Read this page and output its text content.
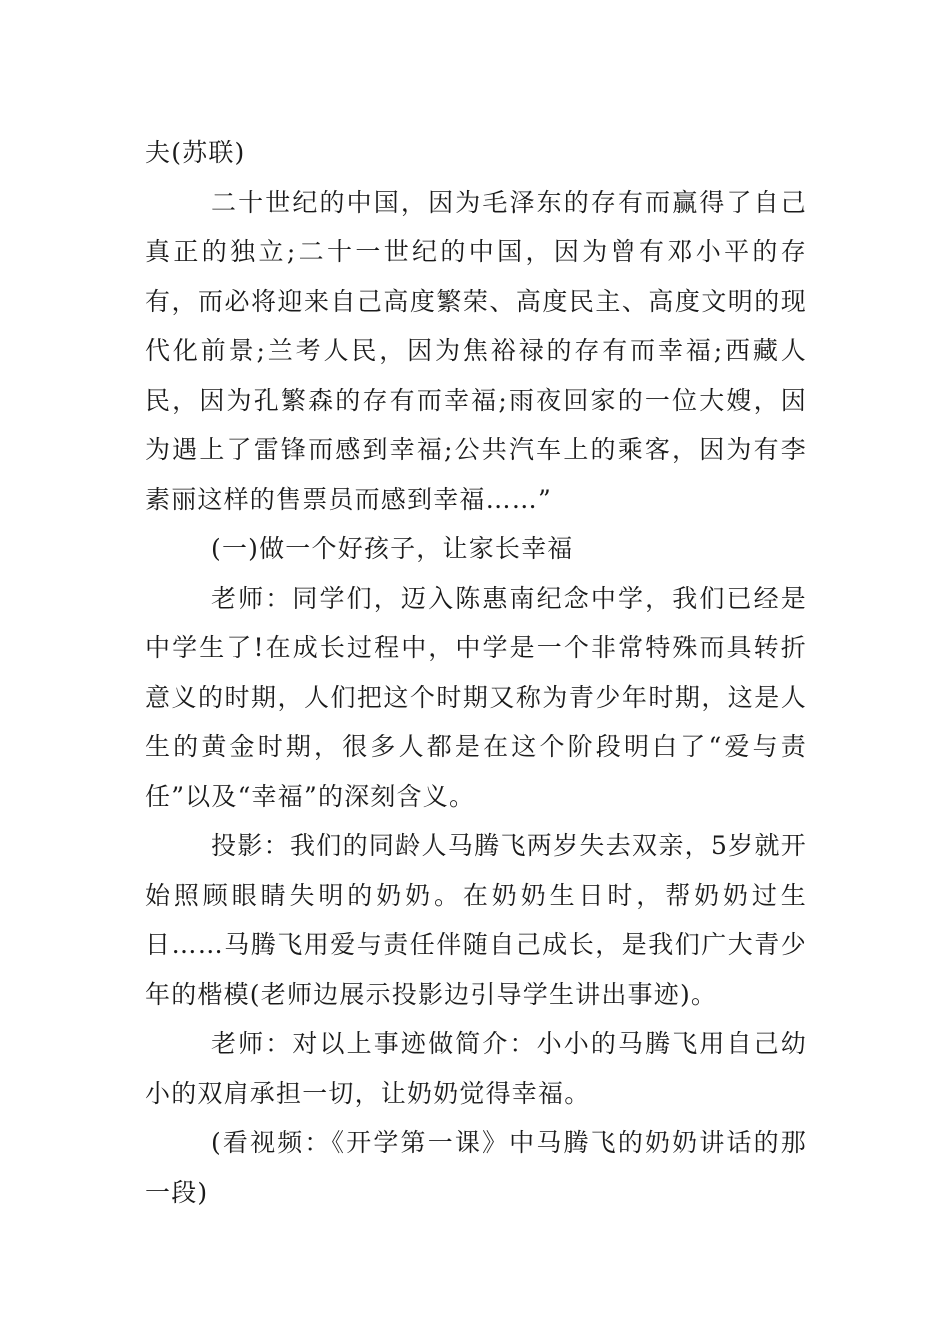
夫(苏联)

二十世纪的中国，因为毛泽东的存有而赢得了自己真正的独立;二十一世纪的中国，因为曾有邓小平的存有，而必将迎来自己高度繁荣、高度民主、高度文明的现代化前景;兰考人民，因为焦裕禄的存有而幸福;西藏人民，因为孔繁森的存有而幸福;雨夜回家的一位大嫂，因为遇上了雷锋而感到幸福;公共汽车上的乘客，因为有李素丽这样的售票员而感到幸福……”

(一)做一个好孩子，让家长幸福

老师：同学们，迈入陈惠南纪念中学，我们已经是中学生了!在成长过程中，中学是一个非常特殊而具转折意义的时期，人们把这个时期又称为青少年时期，这是人生的黄金时期，很多人都是在这个阶段明白了“爱与责任”以及“幸福”的深刻含义。

投影：我们的同龄人马腾飞两岁失去双亲，5岁就开始照顾眼睛失明的奶奶。在奶奶生日时，帮奶奶过生日……马腾飞用爱与责任伴随自己成长，是我们广大青少年的楷模(老师边展示投影边引导学生讲出事迹)。

老师：对以上事迹做简介：小小的马腾飞用自己幼小的双肩承担一切，让奶奶觉得幸福。

(看视频：《开学第一课》中马腾飞的奶奶讲话的那一段)
